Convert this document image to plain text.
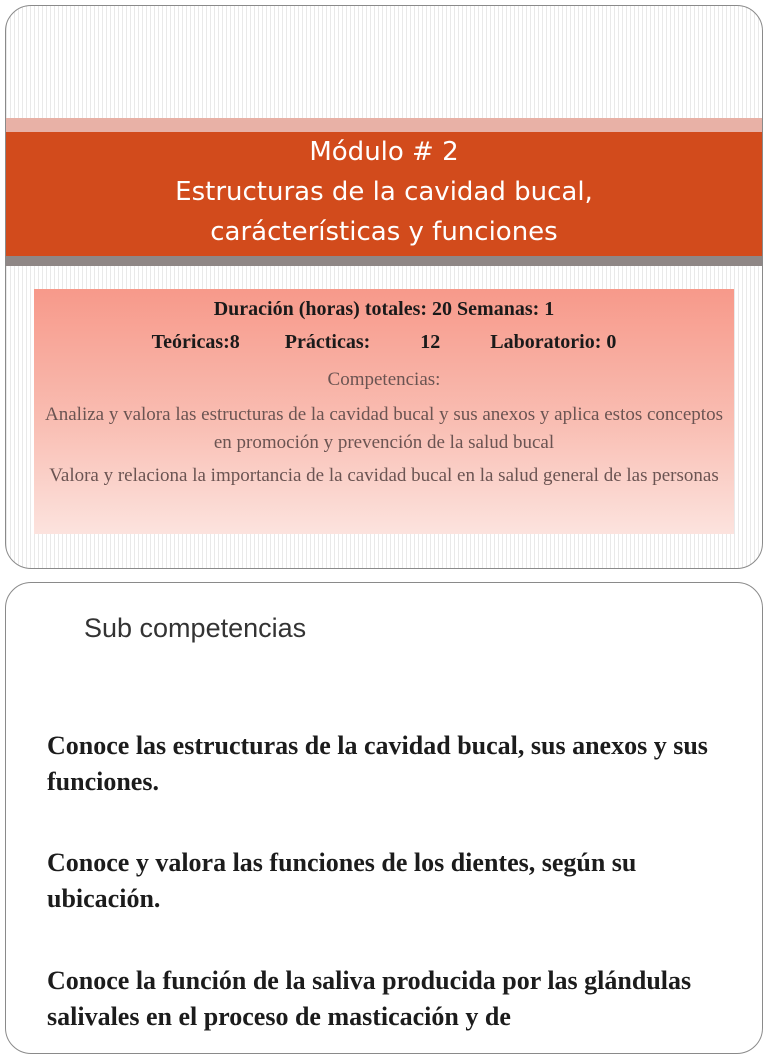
Módulo # 2
Estructuras de la cavidad bucal,
carácterísticas y funciones
Duración (horas) totales: 20 Semanas: 1
Teóricas:8 Prácticas:	12	Laboratorio: 0
Competencias:
Analiza y valora las estructuras de la cavidad bucal y sus anexos y aplica estos conceptos en promoción y prevención de la salud bucal
Valora y relaciona la importancia de la cavidad bucal en la salud general de las personas
Sub competencias
Conoce las estructuras de la cavidad bucal, sus anexos y sus funciones.
Conoce y valora las funciones de los dientes, según su ubicación.
Conoce la función de la saliva producida por las glándulas salivales en el proceso de masticación y de
